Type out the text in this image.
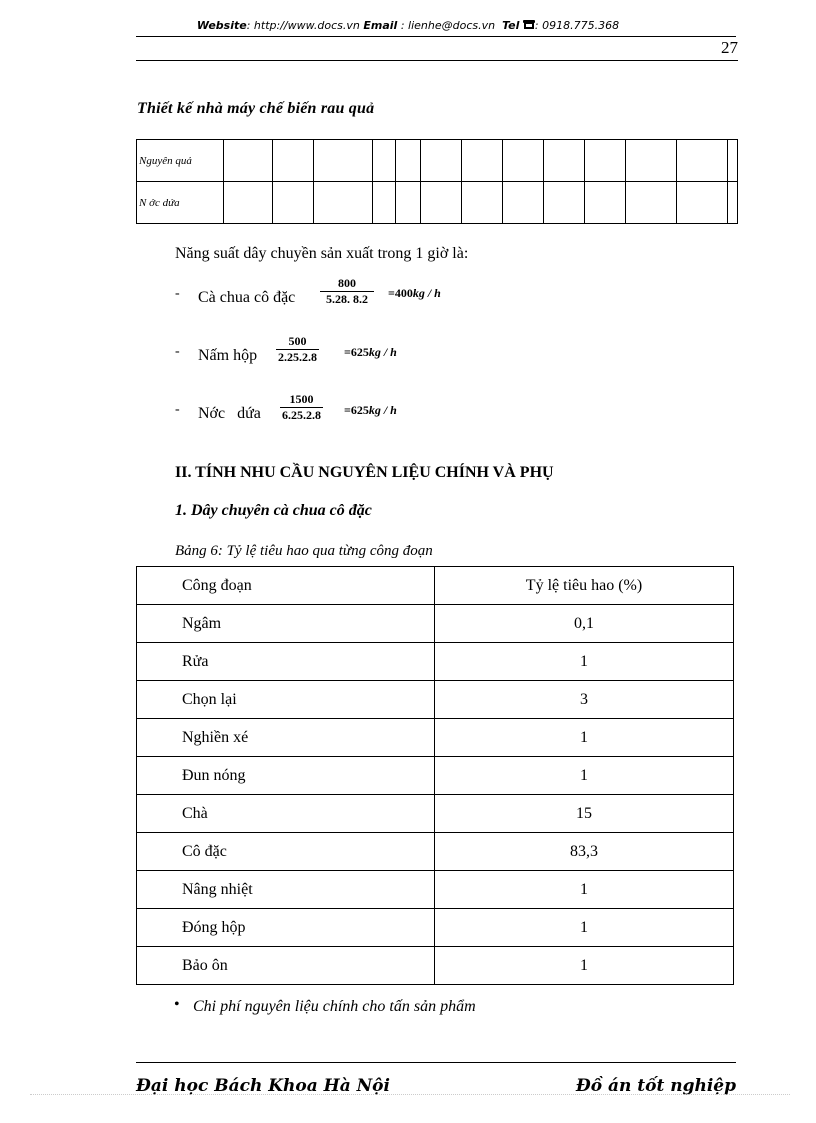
Website: http://www.docs.vn Email : lienhe@docs.vn Tel : 0918.775.368
27
Thiết kế nhà máy chế biến rau quả
Nguyên quả													
N ớc dứa													
Năng suất dây chuyền sản xuất trong 1 giờ là:
- Cà chua cô đặc $\frac{800}{5.28. 8.2} =400kg / h$
- Nấm hộp $\frac{500}{2.25.2.8} =625kg / h$
- Nớc   dứa $\frac{1500}{6.25.2.8} =625kg / h$
II. TÍNH NHU CẦU NGUYÊN LIỆU CHÍNH VÀ PHỤ
1. Dây chuyên cà chua cô đặc
Bảng 6: Tỷ lệ tiêu hao qua từng công đoạn
Công đoạn	Tỷ lệ tiêu hao (%)
Ngâm	0,1
Rửa	1
Chọn lại	3
Nghiền xé	1
Đun nóng	1
Chà	15
Cô đặc	83,3
Nâng nhiệt	1
Đóng hộp	1
Bảo ôn	1
• Chi phí nguyên liệu chính cho tấn sản phẩm
Đại học Bách Khoa Hà Nội	Đồ án tốt nghiệp
